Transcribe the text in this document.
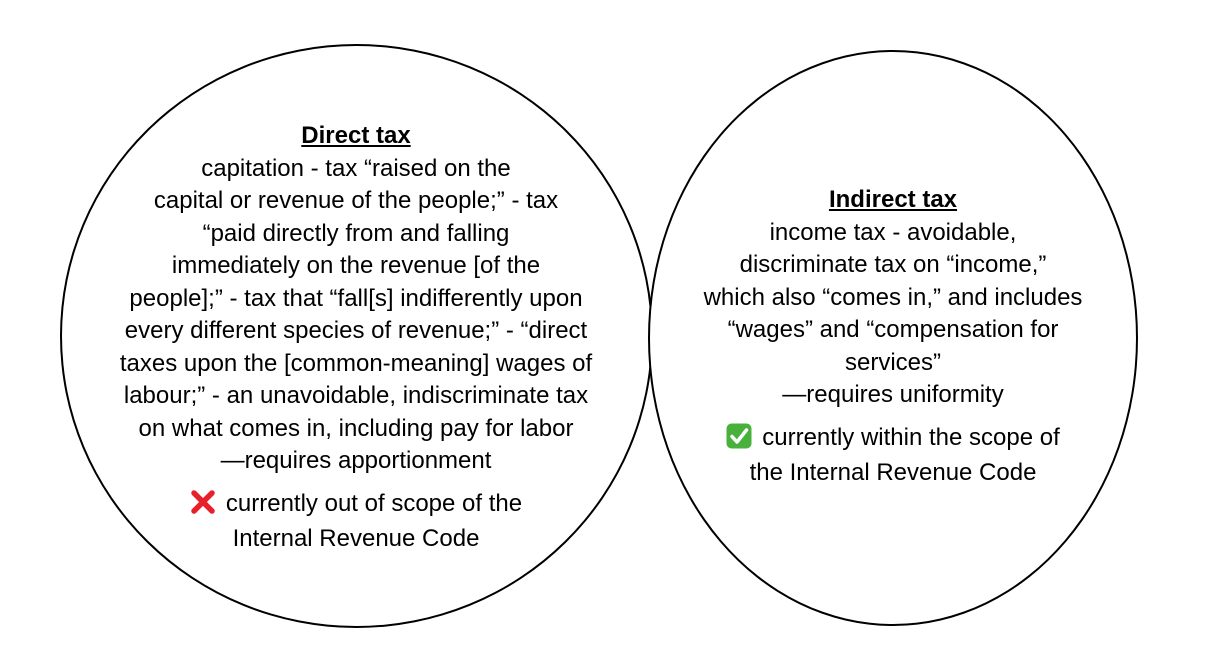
Direct tax
capitation - tax “raised on the
capital or revenue of the people;” - tax
“paid directly from and falling
immediately on the revenue [of the
people];” - tax that “fall[s] indifferently upon
every different species of revenue;” - “direct
taxes upon the [common-meaning] wages of
labour;” - an unavoidable, indiscriminate tax
on what comes in, including pay for labor
—requires apportionment
currently out of scope of the
Internal Revenue Code
Indirect tax
income tax - avoidable,
discriminate tax on “income,”
which also “comes in,” and includes
“wages” and “compensation for
services”
—requires uniformity
currently within the scope of
the Internal Revenue Code
